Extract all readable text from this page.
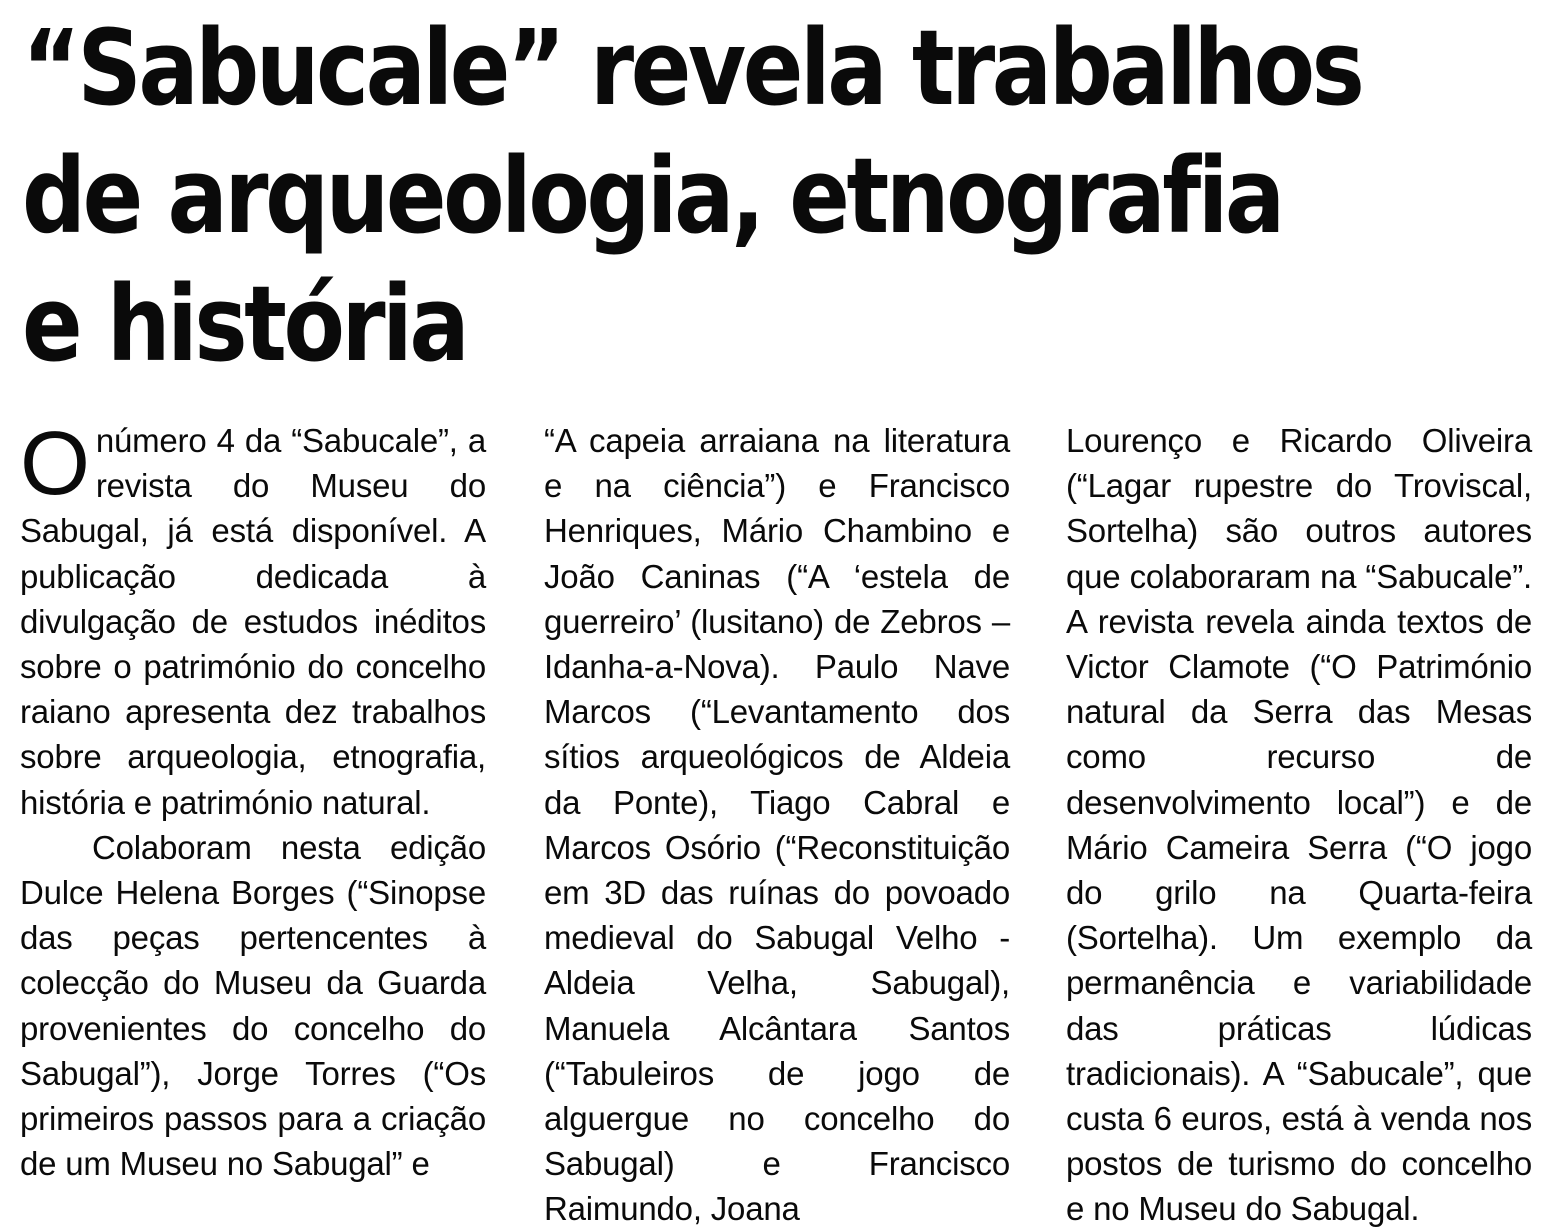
“Sabucale” revela trabalhos
de arqueologia, etnografia
e história

O número 4 da “Sabucale”, a revista do Museu do Sabugal, já está disponível. A publicação dedicada à divulgação de estudos inéditos sobre o património do concelho raiano apresenta dez trabalhos sobre arqueologia, etnografia, história e património natural.

Colaboram nesta edição Dulce Helena Borges (“Sinopse das peças pertencentes à colecção do Museu da Guarda provenientes do concelho do Sabugal”), Jorge Torres (“Os primeiros passos para a criação de um Museu no Sabugal” e

“A capeia arraiana na literatura e na ciência”) e Francisco Henriques, Mário Chambino e João Caninas (“A ‘estela de guerreiro’ (lusitano) de Zebros – Idanha-a-Nova). Paulo Nave Marcos (“Levantamento dos sítios arqueológicos de Aldeia da Ponte), Tiago Cabral e Marcos Osório (“Reconstituição em 3D das ruínas do povoado medieval do Sabugal Velho - Aldeia Velha, Sabugal), Manuela Alcântara Santos (“Tabuleiros de jogo de alguergue no concelho do Sabugal) e Francisco Raimundo, Joana

Lourenço e Ricardo Oliveira (“Lagar rupestre do Troviscal, Sortelha) são outros autores que colaboraram na “Sabucale”. A revista revela ainda textos de Victor Clamote (“O Património natural da Serra das Mesas como recurso de desenvolvimento local”) e de Mário Cameira Serra (“O jogo do grilo na Quarta-feira (Sortelha). Um exemplo da permanência e variabilidade das práticas lúdicas tradicionais). A “Sabucale”, que custa 6 euros, está à venda nos postos de turismo do concelho e no Museu do Sabugal.
